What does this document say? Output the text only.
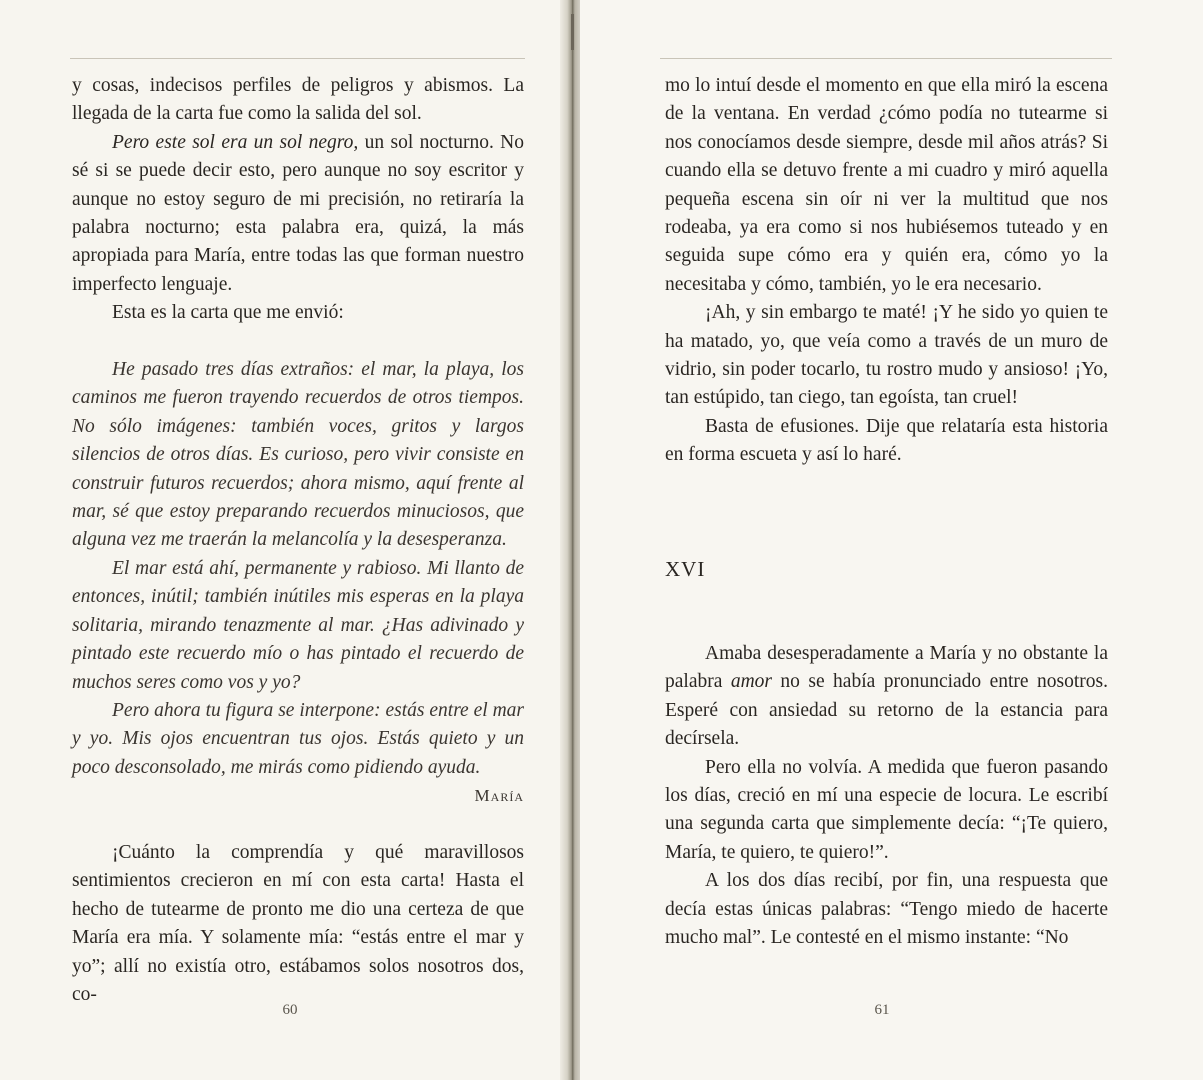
y cosas, indecisos perfiles de peligros y abismos. La llegada de la carta fue como la salida del sol.

Pero este sol era un sol negro, un sol nocturno. No sé si se puede decir esto, pero aunque no soy escritor y aunque no estoy seguro de mi precisión, no retiraría la palabra nocturno; esta palabra era, quizá, la más apropiada para María, entre todas las que forman nuestro imperfecto lenguaje.

Esta es la carta que me envió:

He pasado tres días extraños: el mar, la playa, los caminos me fueron trayendo recuerdos de otros tiempos. No sólo imágenes: también voces, gritos y largos silencios de otros días. Es curioso, pero vivir consiste en construir futuros recuerdos; ahora mismo, aquí frente al mar, sé que estoy preparando recuerdos minuciosos, que alguna vez me traerán la melancolía y la desesperanza.

El mar está ahí, permanente y rabioso. Mi llanto de entonces, inútil; también inútiles mis esperas en la playa solitaria, mirando tenazmente al mar. ¿Has adivinado y pintado este recuerdo mío o has pintado el recuerdo de muchos seres como vos y yo?

Pero ahora tu figura se interpone: estás entre el mar y yo. Mis ojos encuentran tus ojos. Estás quieto y un poco desconsolado, me mirás como pidiendo ayuda.

María

¡Cuánto la comprendía y qué maravillosos sentimientos crecieron en mí con esta carta! Hasta el hecho de tutearme de pronto me dio una certeza de que María era mía. Y solamente mía: “estás entre el mar y yo”; allí no existía otro, estábamos solos nosotros dos, co-

60

mo lo intuí desde el momento en que ella miró la escena de la ventana. En verdad ¿cómo podía no tutearme si nos conocíamos desde siempre, desde mil años atrás? Si cuando ella se detuvo frente a mi cuadro y miró aquella pequeña escena sin oír ni ver la multitud que nos rodeaba, ya era como si nos hubiésemos tuteado y en seguida supe cómo era y quién era, cómo yo la necesitaba y cómo, también, yo le era necesario.

¡Ah, y sin embargo te maté! ¡Y he sido yo quien te ha matado, yo, que veía como a través de un muro de vidrio, sin poder tocarlo, tu rostro mudo y ansioso! ¡Yo, tan estúpido, tan ciego, tan egoísta, tan cruel!

Basta de efusiones. Dije que relataría esta historia en forma escueta y así lo haré.

XVI

Amaba desesperadamente a María y no obstante la palabra amor no se había pronunciado entre nosotros. Esperé con ansiedad su retorno de la estancia para decírsela.

Pero ella no volvía. A medida que fueron pasando los días, creció en mí una especie de locura. Le escribí una segunda carta que simplemente decía: “¡Te quiero, María, te quiero, te quiero!”.

A los dos días recibí, por fin, una respuesta que decía estas únicas palabras: “Tengo miedo de hacerte mucho mal”. Le contesté en el mismo instante: “No

61
